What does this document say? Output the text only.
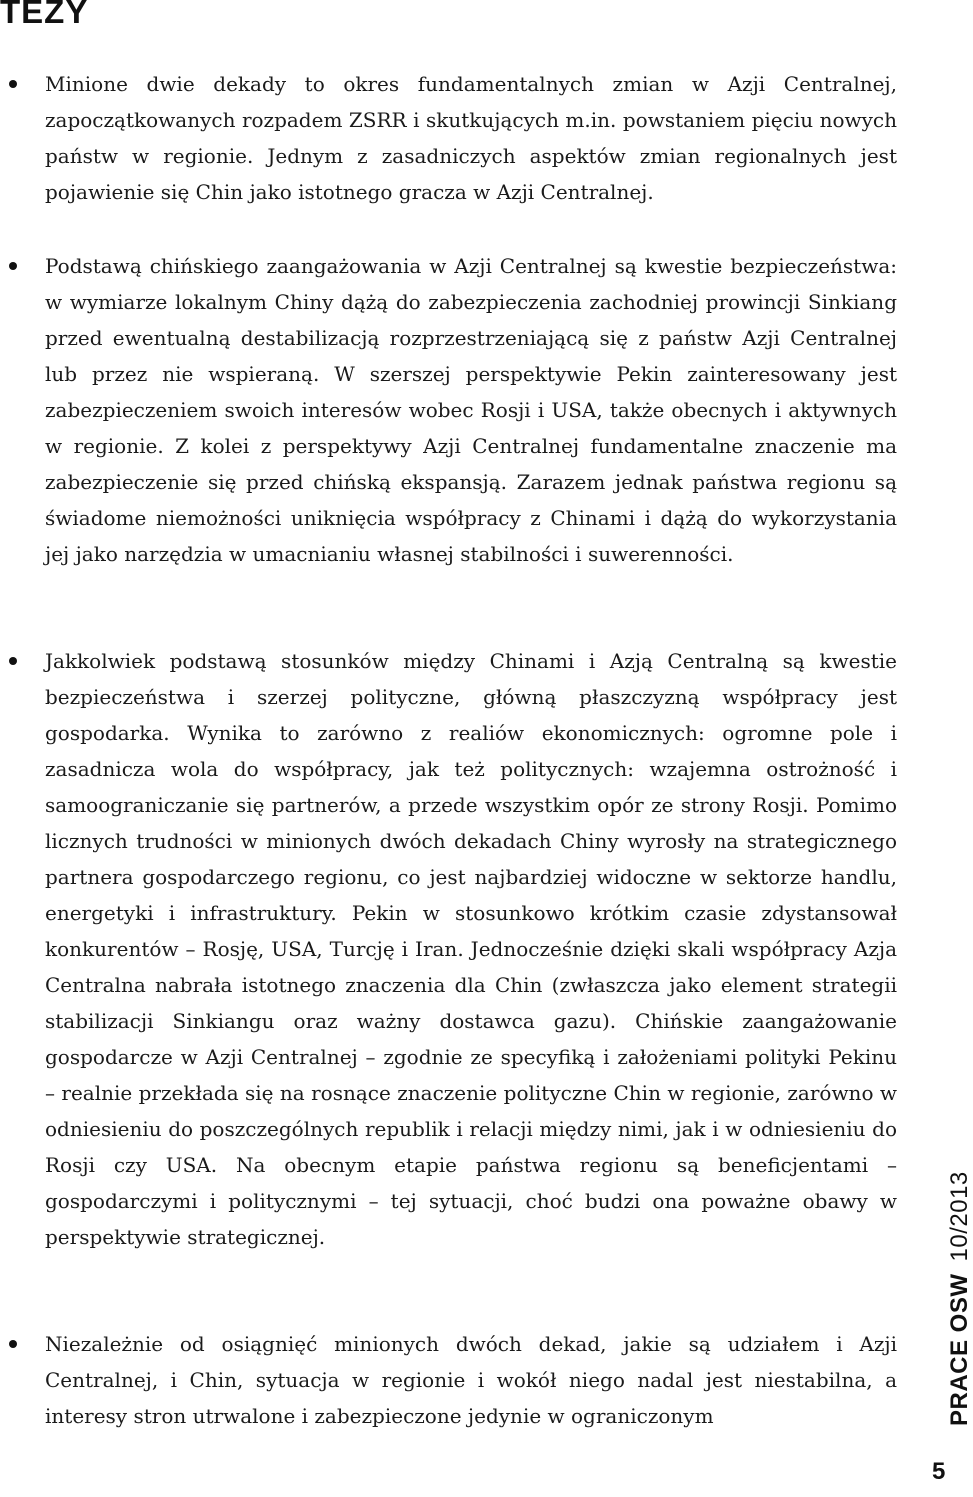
TEZY

Minione dwie dekady to okres fundamentalnych zmian w Azji Centralnej, zapoczątkowanych rozpadem ZSRR i skutkujących m.in. powstaniem pięciu nowych państw w regionie. Jednym z zasadniczych aspektów zmian regionalnych jest pojawienie się Chin jako istotnego gracza w Azji Centralnej.

Podstawą chińskiego zaangażowania w Azji Centralnej są kwestie bezpieczeństwa: w wymiarze lokalnym Chiny dążą do zabezpieczenia zachodniej prowincji Sinkiang przed ewentualną destabilizacją rozprzestrzeniającą się z państw Azji Centralnej lub przez nie wspieraną. W szerszej perspektywie Pekin zainteresowany jest zabezpieczeniem swoich interesów wobec Rosji i USA, także obecnych i aktywnych w regionie. Z kolei z perspektywy Azji Centralnej fundamentalne znaczenie ma zabezpieczenie się przed chińską ekspansją. Zarazem jednak państwa regionu są świadome niemożności uniknięcia współpracy z Chinami i dążą do wykorzystania jej jako narzędzia w umacnianiu własnej stabilności i suwerenności.

Jakkolwiek podstawą stosunków między Chinami i Azją Centralną są kwestie bezpieczeństwa i szerzej polityczne, główną płaszczyzną współpracy jest gospodarka. Wynika to zarówno z realiów ekonomicznych: ogromne pole i zasadnicza wola do współpracy, jak też politycznych: wzajemna ostrożność i samoograniczanie się partnerów, a przede wszystkim opór ze strony Rosji. Pomimo licznych trudności w minionych dwóch dekadach Chiny wyrosły na strategicznego partnera gospodarczego regionu, co jest najbardziej widoczne w sektorze handlu, energetyki i infrastruktury. Pekin w stosunkowo krótkim czasie zdystansował konkurentów – Rosję, USA, Turcję i Iran. Jednocześnie dzięki skali współpracy Azja Centralna nabrała istotnego znaczenia dla Chin (zwłaszcza jako element strategii stabilizacji Sinkiangu oraz ważny dostawca gazu). Chińskie zaangażowanie gospodarcze w Azji Centralnej – zgodnie ze specyfiką i założeniami polityki Pekinu – realnie przekłada się na rosnące znaczenie polityczne Chin w regionie, zarówno w odniesieniu do poszczególnych republik i relacji między nimi, jak i w odniesieniu do Rosji czy USA. Na obecnym etapie państwa regionu są beneficjentami – gospodarczymi i politycznymi – tej sytuacji, choć budzi ona poważne obawy w perspektywie strategicznej.

Niezależnie od osiągnięć minionych dwóch dekad, jakie są udziałem i Azji Centralnej, i Chin, sytuacja w regionie i wokół niego nadal jest niestabilna, a interesy stron utrwalone i zabezpieczone jedynie w ograniczonym	PRACE OSW10/2013
5
